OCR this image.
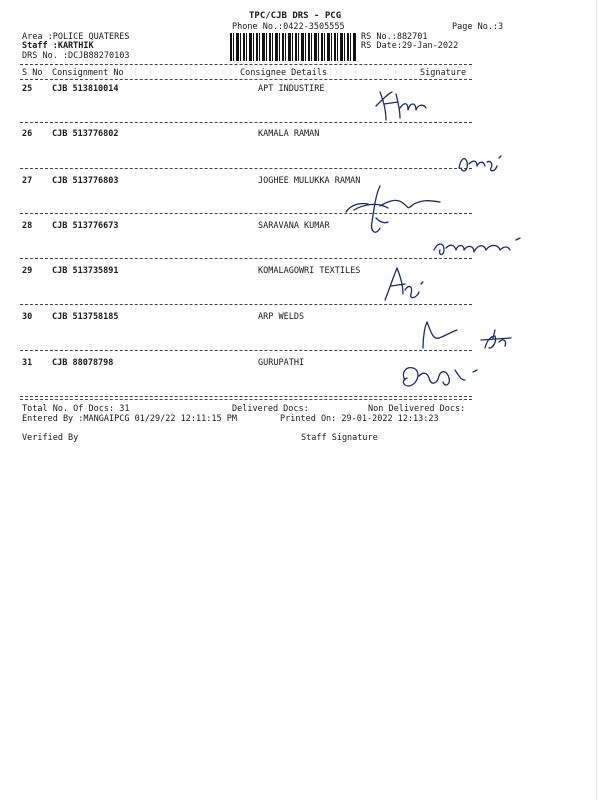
TPC/CJB DRS - PCG
Phone No.:0422-3505555	Page No.:3
Area :POLICE QUATERES
Staff :KARTHIK
DRS No. :DCJB88270103
RS No.:882701
RS Date:29-Jan-2022
S No Consignment No	Consignee Details	Signature
25 CJB 513810014	APT INDUSTIRE
26 CJB 513776802	KAMALA RAMAN
27 CJB 513776803	JOGHEE MULUKKA RAMAN
28 CJB 513776673	SARAVANA KUMAR
29 CJB 513735891	KOMALAGOWRI TEXTILES
30 CJB 513758185	ARP WELDS
31 CJB 88078798	GURUPATHI
Total No. Of Docs: 31	Delivered Docs:	Non Delivered Docs:
Entered By :MANGAIPCG 01/29/22 12:11:15 PM	Printed On: 29-01-2022 12:13:23
Verified By	Staff Signature
